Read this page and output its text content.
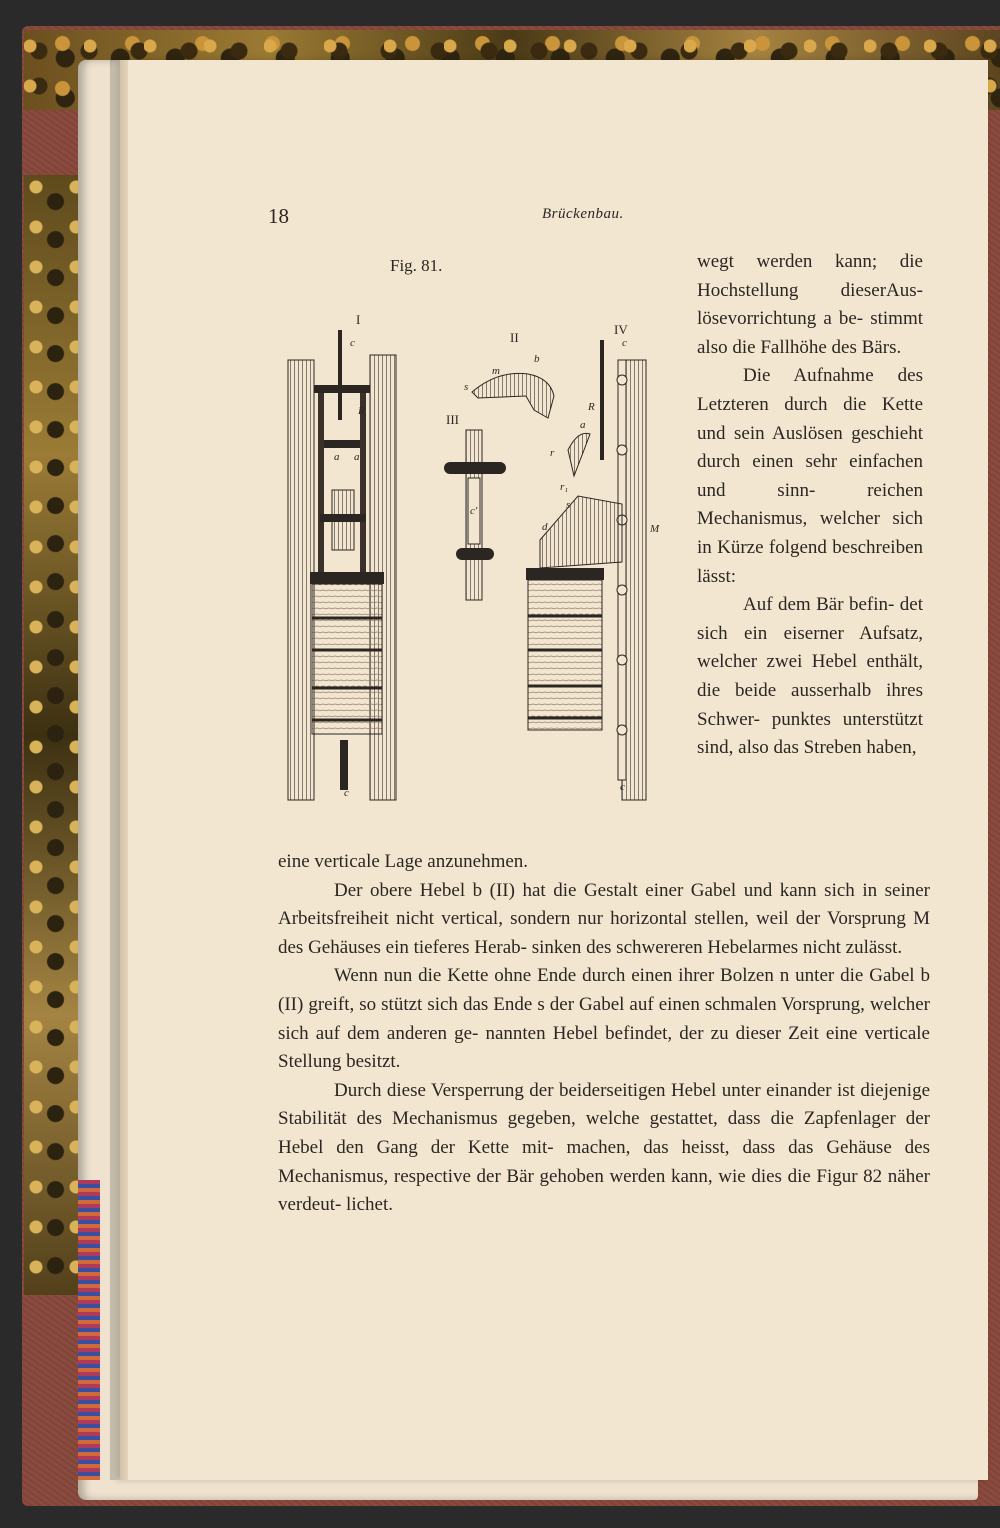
18	Brückenbau.
Fig. 81.
I
c
R
a a
c
II
m
b
s
III
c'
IV
c
R
a
r
r₁
s
d	M
c

wegt werden kann; die Hochstellung dieserAus- lösevorrichtung a be- stimmt also die Fallhöhe des Bärs.

Die Aufnahme des Letzteren durch die Kette und sein Auslösen geschieht durch einen sehr einfachen und sinn- reichen Mechanismus, welcher sich in Kürze folgend beschreiben lässt:

Auf dem Bär befin- det sich ein eiserner Aufsatz, welcher zwei Hebel enthält, die beide ausserhalb ihres Schwer- punktes unterstützt sind, also das Streben haben,

eine verticale Lage anzunehmen.

Der obere Hebel b (II) hat die Gestalt einer Gabel und kann sich in seiner Arbeitsfreiheit nicht vertical, sondern nur horizontal stellen, weil der Vorsprung M des Gehäuses ein tieferes Herab- sinken des schwereren Hebelarmes nicht zulässt.

Wenn nun die Kette ohne Ende durch einen ihrer Bolzen n unter die Gabel b (II) greift, so stützt sich das Ende s der Gabel auf einen schmalen Vorsprung, welcher sich auf dem anderen ge- nannten Hebel befindet, der zu dieser Zeit eine verticale Stellung besitzt.

Durch diese Versperrung der beiderseitigen Hebel unter einander ist diejenige Stabilität des Mechanismus gegeben, welche gestattet, dass die Zapfenlager der Hebel den Gang der Kette mit- machen, das heisst, dass das Gehäuse des Mechanismus, respective der Bär gehoben werden kann, wie dies die Figur 82 näher verdeut- lichet.
